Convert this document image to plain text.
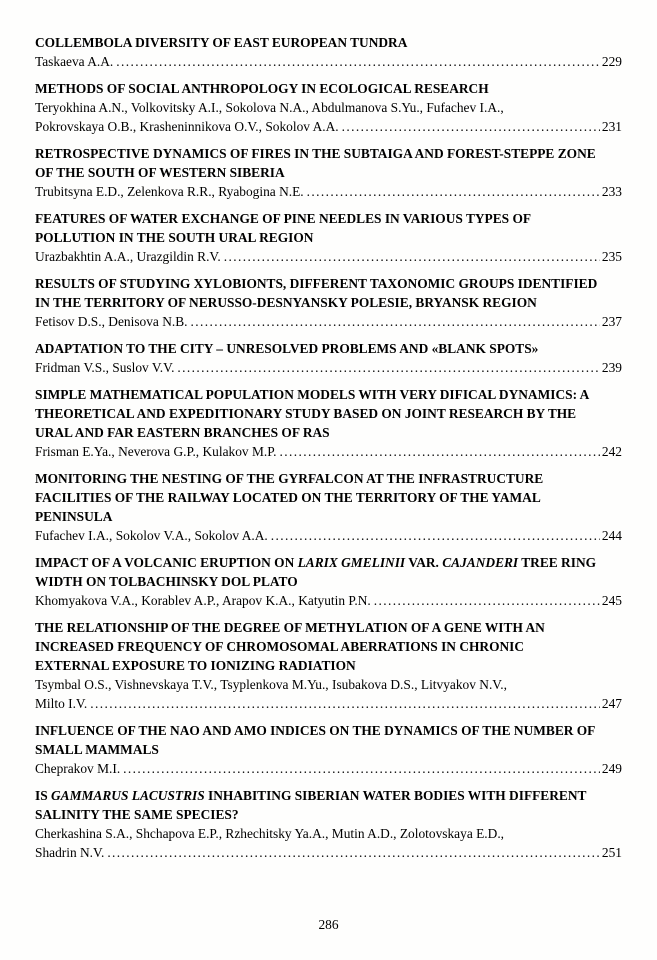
COLLEMBOLA DIVERSITY OF EAST EUROPEAN TUNDRA
Taskaeva A.A. .....	229
METHODS OF SOCIAL ANTHROPOLOGY IN ECOLOGICAL RESEARCH
Teryokhina A.N., Volkovitsky A.I., Sokolova N.A., Abdulmanova S.Yu., Fufachev I.A.,
Pokrovskaya O.B., Krasheninnikova O.V., Sokolov A.A. .....	231
RETROSPECTIVE DYNAMICS OF FIRES IN THE SUBTAIGA AND FOREST-STEPPE ZONE
OF THE SOUTH OF WESTERN SIBERIA
Trubitsyna E.D., Zelenkova R.R., Ryabogina N.E. .....	233
FEATURES OF WATER EXCHANGE OF PINE NEEDLES IN VARIOUS TYPES OF
POLLUTION IN THE SOUTH URAL REGION
Urazbakhtin A.A., Urazgildin R.V. .....	235
RESULTS OF STUDYING XYLOBIONTS, DIFFERENT TAXONOMIC GROUPS IDENTIFIED
IN THE TERRITORY OF NERUSSO-DESNYANSKY POLESIE, BRYANSK REGION
Fetisov D.S., Denisova N.B. .....	237
ADAPTATION TO THE CITY – UNRESOLVED PROBLEMS AND «BLANK SPOTS»
Fridman V.S., Suslov V.V. .....	239
SIMPLE MATHEMATICAL POPULATION MODELS WITH VERY DIFICAL DYNAMICS: A
THEORETICAL AND EXPEDITIONARY STUDY BASED ON JOINT RESEARCH BY THE
URAL AND FAR EASTERN BRANCHES OF RAS
Frisman E.Ya., Neverova G.P., Kulakov M.P. .....	242
MONITORING THE NESTING OF THE GYRFALCON AT THE INFRASTRUCTURE
FACILITIES OF THE RAILWAY LOCATED ON THE TERRITORY OF THE YAMAL
PENINSULA
Fufachev I.A., Sokolov V.A., Sokolov A.A. .....	244
IMPACT OF A VOLCANIC ERUPTION ON LARIX GMELINII VAR. CAJANDERI TREE RING
WIDTH ON TOLBACHINSKY DOL PLATO
Khomyakova V.A., Korablev A.P., Arapov K.A., Katyutin P.N. .....	245
THE RELATIONSHIP OF THE DEGREE OF METHYLATION OF A GENE WITH AN
INCREASED FREQUENCY OF CHROMOSOMAL ABERRATIONS IN CHRONIC
EXTERNAL EXPOSURE TO IONIZING RADIATION
Tsymbal O.S., Vishnevskaya T.V., Tsyplenkova M.Yu., Isubakova D.S., Litvyakov N.V.,
Milto I.V. .....	247
INFLUENCE OF THE NAO AND AMO INDICES ON THE DYNAMICS OF THE NUMBER OF
SMALL MAMMALS
Cheprakov M.I. .....	249
IS GAMMARUS LACUSTRIS INHABITING SIBERIAN WATER BODIES WITH DIFFERENT
SALINITY THE SAME SPECIES?
Cherkashina S.A., Shchapova E.P., Rzhechitsky Ya.A., Mutin A.D., Zolotovskaya E.D.,
Shadrin N.V. .....	251
286
